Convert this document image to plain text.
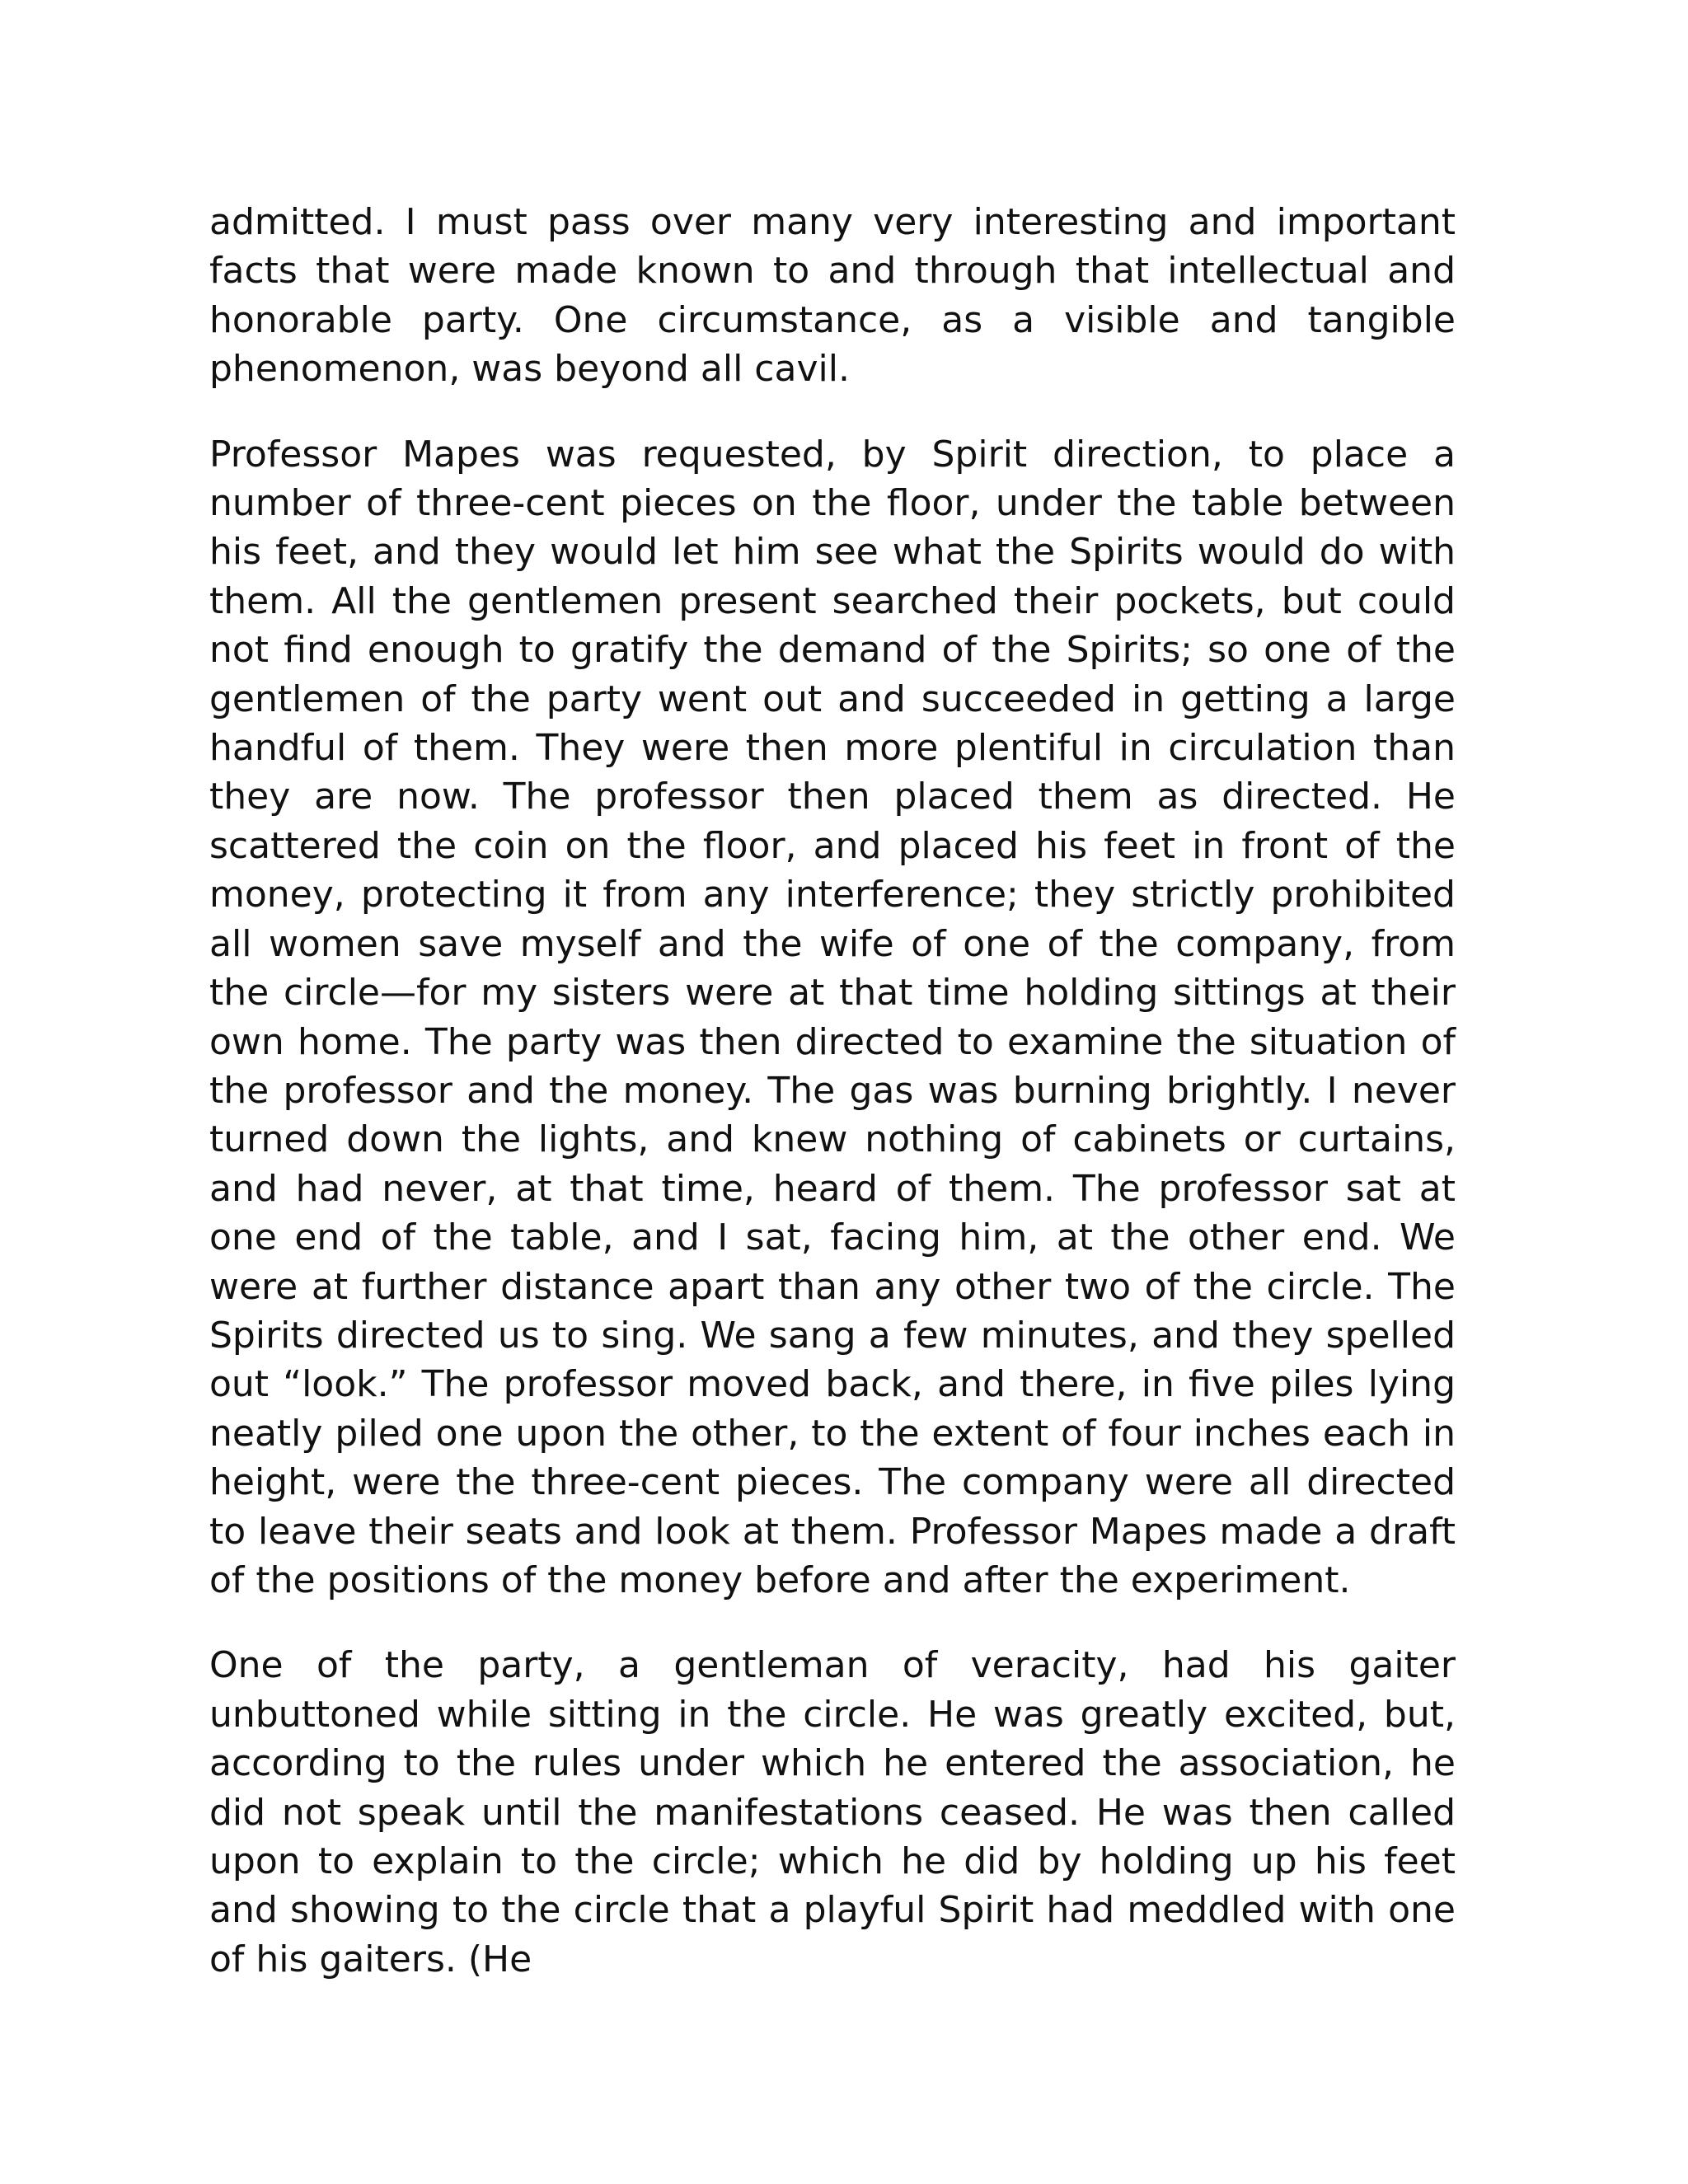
admitted. I must pass over many very interesting and important facts that were made known to and through that intellectual and honorable party. One circumstance, as a visible and tangible phenomenon, was beyond all cavil.

Professor Mapes was requested, by Spirit direction, to place a number of three-cent pieces on the floor, under the table between his feet, and they would let him see what the Spirits would do with them. All the gentlemen present searched their pockets, but could not find enough to gratify the demand of the Spirits; so one of the gentlemen of the party went out and succeeded in getting a large handful of them. They were then more plentiful in circulation than they are now. The professor then placed them as directed. He scattered the coin on the floor, and placed his feet in front of the money, protecting it from any interference; they strictly prohibited all women save myself and the wife of one of the company, from the circle—for my sisters were at that time holding sittings at their own home. The party was then directed to examine the situation of the professor and the money. The gas was burning brightly. I never turned down the lights, and knew nothing of cabinets or curtains, and had never, at that time, heard of them. The professor sat at one end of the table, and I sat, facing him, at the other end. We were at further distance apart than any other two of the circle. The Spirits directed us to sing. We sang a few minutes, and they spelled out “look.” The professor moved back, and there, in five piles lying neatly piled one upon the other, to the extent of four inches each in height, were the three-cent pieces. The company were all directed to leave their seats and look at them. Professor Mapes made a draft of the positions of the money before and after the experiment.

One of the party, a gentleman of veracity, had his gaiter unbuttoned while sitting in the circle. He was greatly excited, but, according to the rules under which he entered the association, he did not speak until the manifestations ceased. He was then called upon to explain to the circle; which he did by holding up his feet and showing to the circle that a playful Spirit had meddled with one of his gaiters. (He
